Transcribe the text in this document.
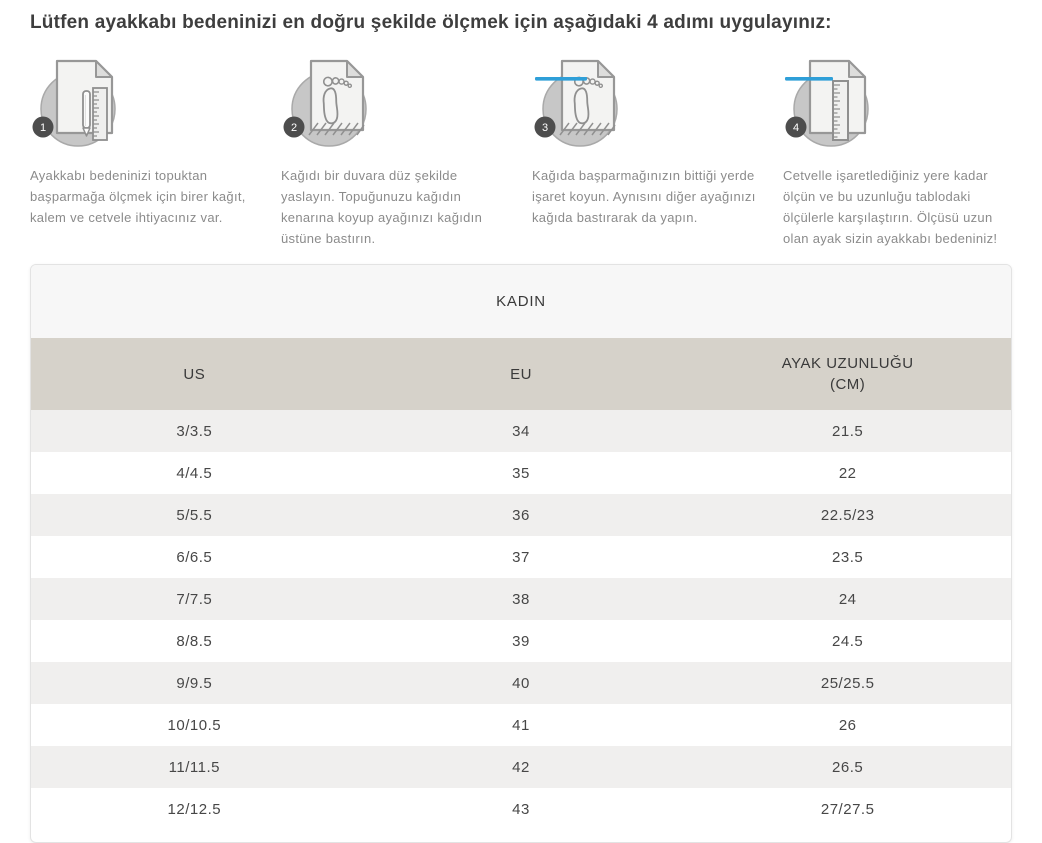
Lütfen ayakkabı bedeninizi en doğru şekilde ölçmek için aşağıdaki 4 adımı uygulayınız:
1
Ayakkabı bedeninizi topuktan başparmağa ölçmek için birer kağıt, kalem ve cetvele ihtiyacınız var.
2
Kağıdı bir duvara düz şekilde yaslayın. Topuğunuzu kağıdın kenarına koyup ayağınızı kağıdın üstüne bastırın.
3
Kağıda başparmağınızın bittiği yerde işaret koyun. Aynısını diğer ayağınızı kağıda bastırarak da yapın.
4
Cetvelle işaretlediğiniz yere kadar ölçün ve bu uzunluğu tablodaki ölçülerle karşılaştırın. Ölçüsü uzun olan ayak sizin ayakkabı bedeniniz!
KADIN		
US	EU	AYAK UZUNLUĞU (CM)
3/3.5	34	21.5
4/4.5	35	22
5/5.5	36	22.5/23
6/6.5	37	23.5
7/7.5	38	24
8/8.5	39	24.5
9/9.5	40	25/25.5
10/10.5	41	26
11/11.5	42	26.5
12/12.5	43	27/27.5
